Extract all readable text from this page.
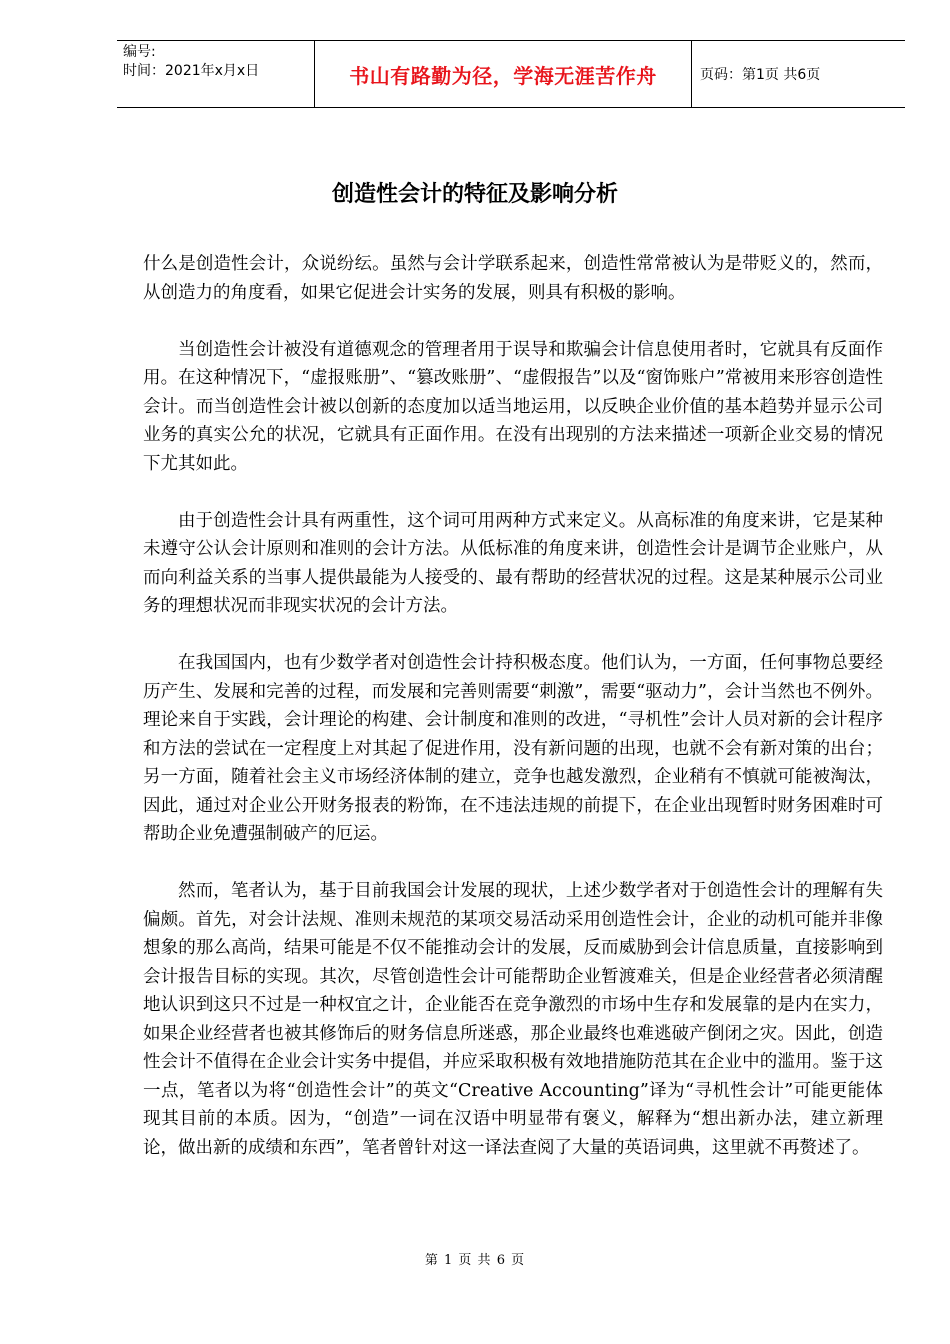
编号:
时间：2021年x月x日	书山有路勤为径，学海无涯苦作舟	页码：第1页 共6页
创造性会计的特征及影响分析

什么是创造性会计，众说纷纭。虽然与会计学联系起来，创造性常常被认为是带贬义的，然而，从创造力的角度看，如果它促进会计实务的发展，则具有积极的影响。

当创造性会计被没有道德观念的管理者用于误导和欺骗会计信息使用者时，它就具有反面作用。在这种情况下，“虚报账册”、“篡改账册”、“虚假报告”以及“窗饰账户”常被用来形容创造性会计。而当创造性会计被以创新的态度加以适当地运用，以反映企业价值的基本趋势并显示公司业务的真实公允的状况，它就具有正面作用。在没有出现别的方法来描述一项新企业交易的情况下尤其如此。

由于创造性会计具有两重性，这个词可用两种方式来定义。从高标准的角度来讲，它是某种未遵守公认会计原则和准则的会计方法。从低标准的角度来讲，创造性会计是调节企业账户，从而向利益关系的当事人提供最能为人接受的、最有帮助的经营状况的过程。这是某种展示公司业务的理想状况而非现实状况的会计方法。

在我国国内，也有少数学者对创造性会计持积极态度。他们认为，一方面，任何事物总要经历产生、发展和完善的过程，而发展和完善则需要“刺激”，需要“驱动力”，会计当然也不例外。理论来自于实践，会计理论的构建、会计制度和准则的改进，“寻机性”会计人员对新的会计程序和方法的尝试在一定程度上对其起了促进作用，没有新问题的出现，也就不会有新对策的出台；另一方面，随着社会主义市场经济体制的建立，竞争也越发激烈，企业稍有不慎就可能被淘汰，因此，通过对企业公开财务报表的粉饰，在不违法违规的前提下，在企业出现暂时财务困难时可帮助企业免遭强制破产的厄运。

然而，笔者认为，基于目前我国会计发展的现状，上述少数学者对于创造性会计的理解有失偏颇。首先，对会计法规、准则未规范的某项交易活动采用创造性会计，企业的动机可能并非像想象的那么高尚，结果可能是不仅不能推动会计的发展，反而威胁到会计信息质量，直接影响到会计报告目标的实现。其次，尽管创造性会计可能帮助企业暂渡难关，但是企业经营者必须清醒地认识到这只不过是一种权宜之计，企业能否在竞争激烈的市场中生存和发展靠的是内在实力，如果企业经营者也被其修饰后的财务信息所迷惑，那企业最终也难逃破产倒闭之灾。因此，创造性会计不值得在企业会计实务中提倡，并应采取积极有效地措施防范其在企业中的滥用。鉴于这一点，笔者以为将“创造性会计”的英文“Creative Accounting”译为“寻机性会计”可能更能体现其目前的本质。因为，“创造”一词在汉语中明显带有褒义，解释为“想出新办法，建立新理论，做出新的成绩和东西”，笔者曾针对这一译法查阅了大量的英语词典，这里就不再赘述了。

第 1 页 共 6 页
